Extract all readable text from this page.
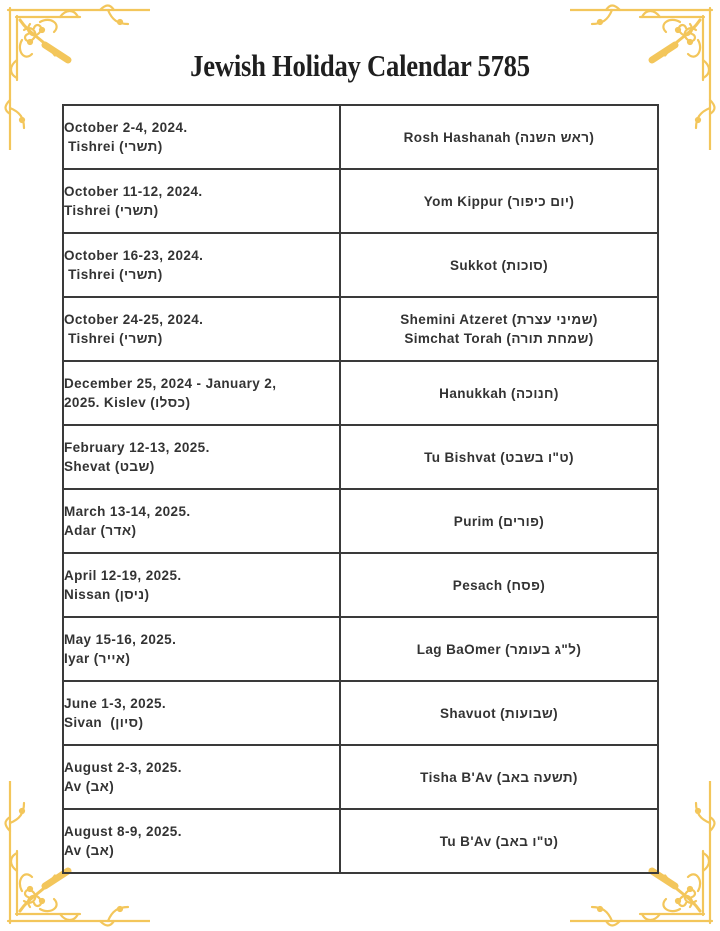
Jewish Holiday Calendar 5785
October 2-4, 2024.
Tishrei (תשרי)	Rosh Hashanah (ראש השנה)

October 11-12, 2024.
Tishrei (תשרי)	Yom Kippur (יום כיפור)

October 16-23, 2024.
Tishrei (תשרי)	Sukkot (סוכות)

October 24-25, 2024.
Tishrei (תשרי)	Shemini Atzeret (שמיני עצרת)
Simchat Torah (שמחת תורה)

December 25, 2024 - January 2,
2025. Kislev (כסלו)	Hanukkah (חנוכה)

February 12-13, 2025.
Shevat (שבט)	Tu Bishvat (ט"ו בשבט)

March 13-14, 2025.
Adar (אדר)	Purim (פורים)

April 12-19, 2025.
Nissan (ניסן)	Pesach (פסח)

May 15-16, 2025.
Iyar (אייר)	Lag BaOmer (ל"ג בעומר)

June 1-3, 2025.
Sivan  (סיון)	Shavuot (שבועות)

August 2-3, 2025.
Av (אב)	Tisha B'Av (תשעה באב)

August 8-9, 2025.
Av (אב)	Tu B'Av (ט"ו באב)
